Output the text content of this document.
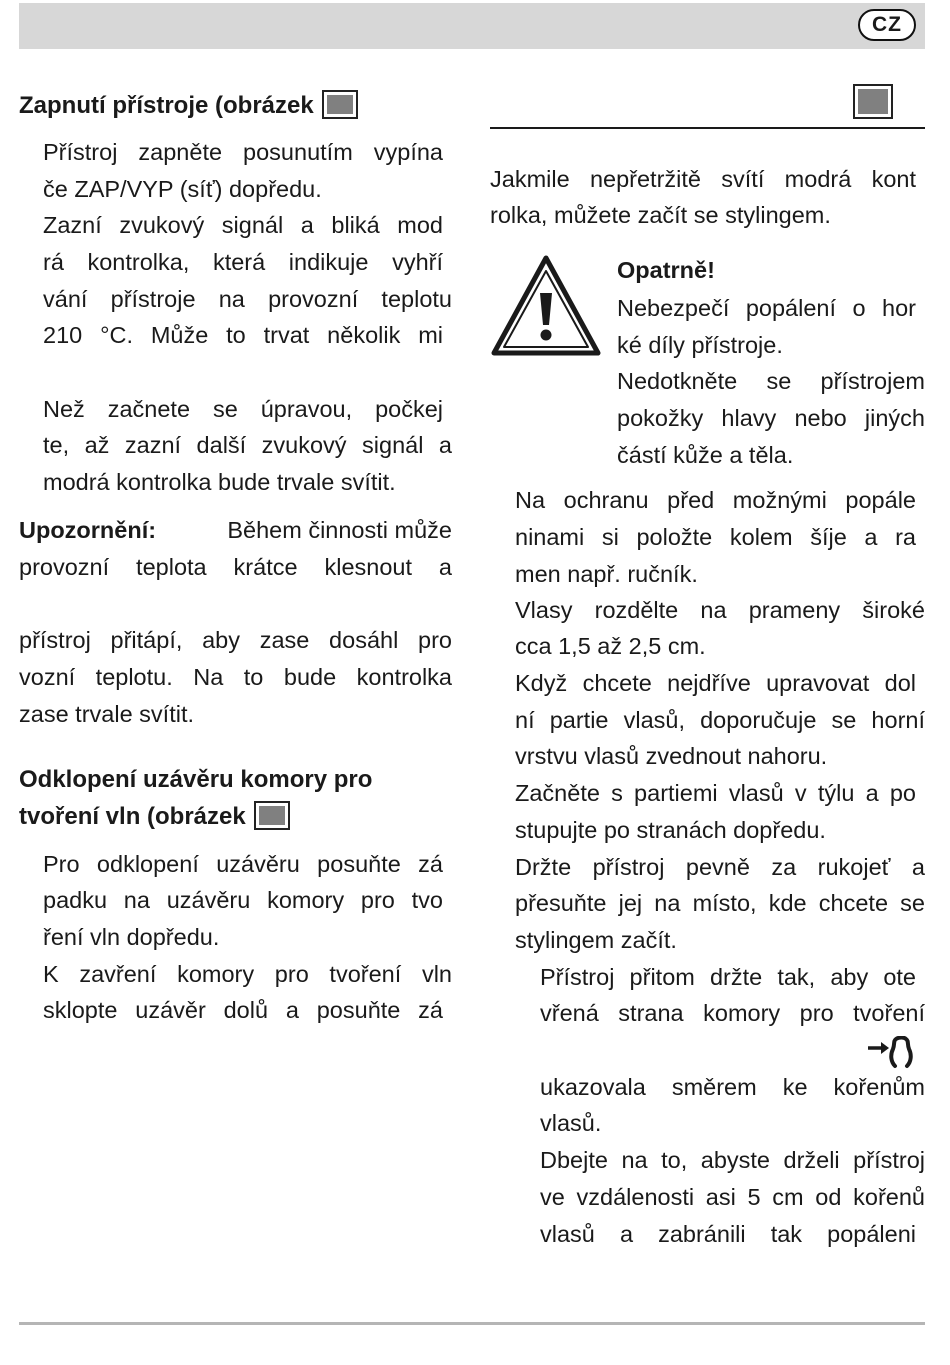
CZ
Zapnutí přístroje (obrázek

Přístroj zapněte posunutím vypína

če ZAP/VYP (síť) dopředu.

Zazní zvukový signál a bliká mod

rá kontrolka, která indikuje vyhří

vání přístroje na provozní teplotu

210 °C. Může to trvat několik mi

Než začnete se úpravou, počkej

te, až zazní další zvukový signál a

modrá kontrolka bude trvale svítit.

Upozornění:	Během činnosti může

provozní teplota krátce klesnout a

přístroj přitápí, aby zase dosáhl pro

vozní teplotu. Na to bude kontrolka

zase trvale svítit.

Odklopení uzávěru komory pro
tvoření vln (obrázek

Pro odklopení uzávěru posuňte zá

padku na uzávěru komory pro tvo

ření vln dopředu.

K zavření komory pro tvoření vln

sklopte uzávěr dolů a posuňte zá

Jakmile nepřetržitě svítí modrá kont

rolka, můžete začít se stylingem.

Opatrně!

Nebezpečí popálení o hor

ké díly přístroje.

Nedotkněte se přístrojem

pokožky hlavy nebo jiných

částí kůže a těla.

Na ochranu před možnými popále

ninami si položte kolem šíje a ra

men např. ručník.

Vlasy rozdělte na prameny široké

cca 1,5 až 2,5 cm.

Když chcete nejdříve upravovat dol

ní partie vlasů, doporučuje se horní

vrstvu vlasů zvednout nahoru.

Začněte s partiemi vlasů v týlu a po

stupujte po stranách dopředu.

Držte přístroj pevně za rukojeť a

přesuňte jej na místo, kde chcete se

stylingem začít.

Přístroj přitom držte tak, aby ote

vřená strana komory pro tvoření

ukazovala směrem ke kořenům

vlasů.

Dbejte na to, abyste drželi přístroj

ve vzdálenosti asi 5 cm od kořenů

vlasů a zabránili tak popáleni
